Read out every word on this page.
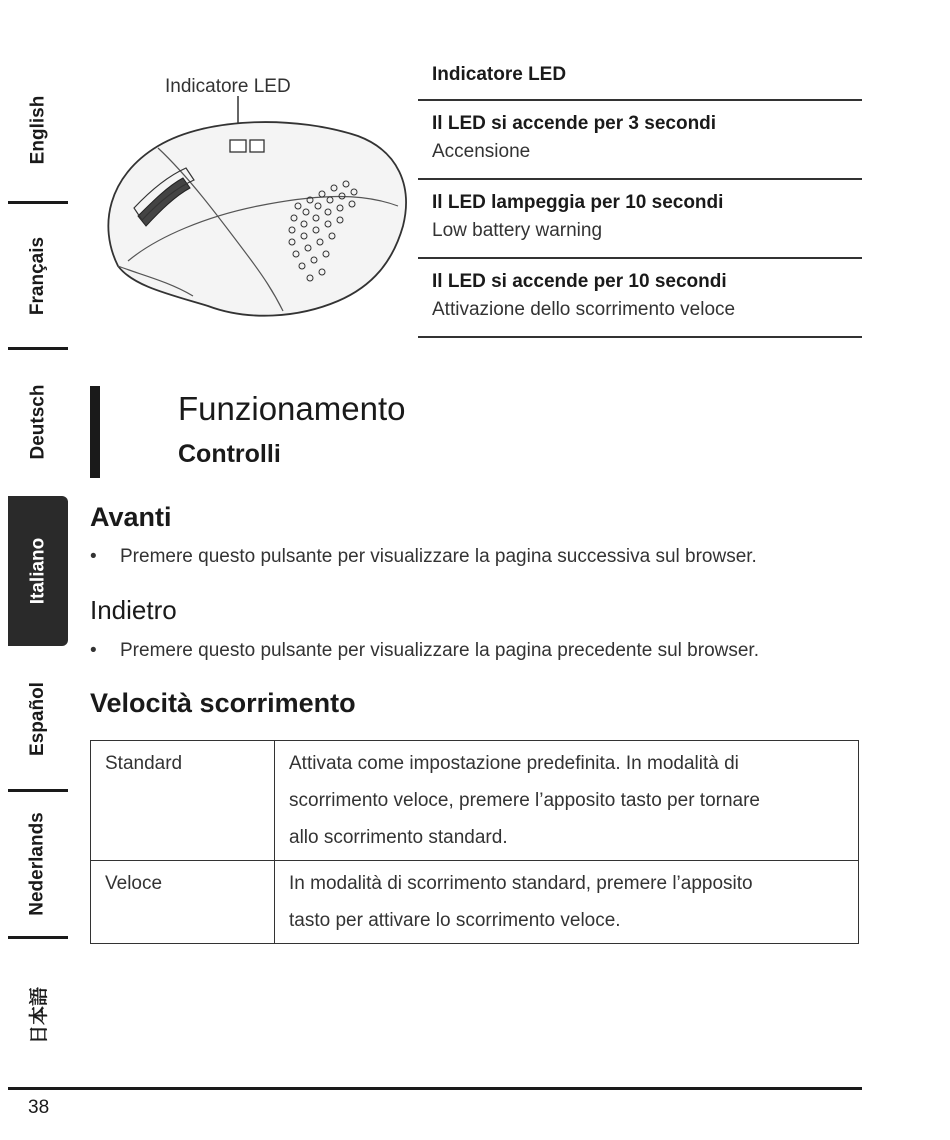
English
Français
Deutsch
Italiano
Español
Nederlands
日本語
Indicatore LED
Indicatore LED
Il LED si accende per 3 secondi
Accensione
Il LED lampeggia per 10 secondi
Low battery warning
Il LED si accende per 10 secondi
Attivazione dello scorrimento veloce
Funzionamento
Controlli
Avanti
•	Premere questo pulsante per visualizzare la pagina successiva sul browser.
Indietro
•	Premere questo pulsante per visualizzare la pagina precedente sul browser.
Velocità scorrimento
Standard	Attivata come impostazione predefinita. In modalità di
scorrimento veloce, premere l’apposito tasto per tornare
allo scorrimento standard.

Veloce	In modalità di scorrimento standard, premere l’apposito
tasto per attivare lo scorrimento veloce.
38
